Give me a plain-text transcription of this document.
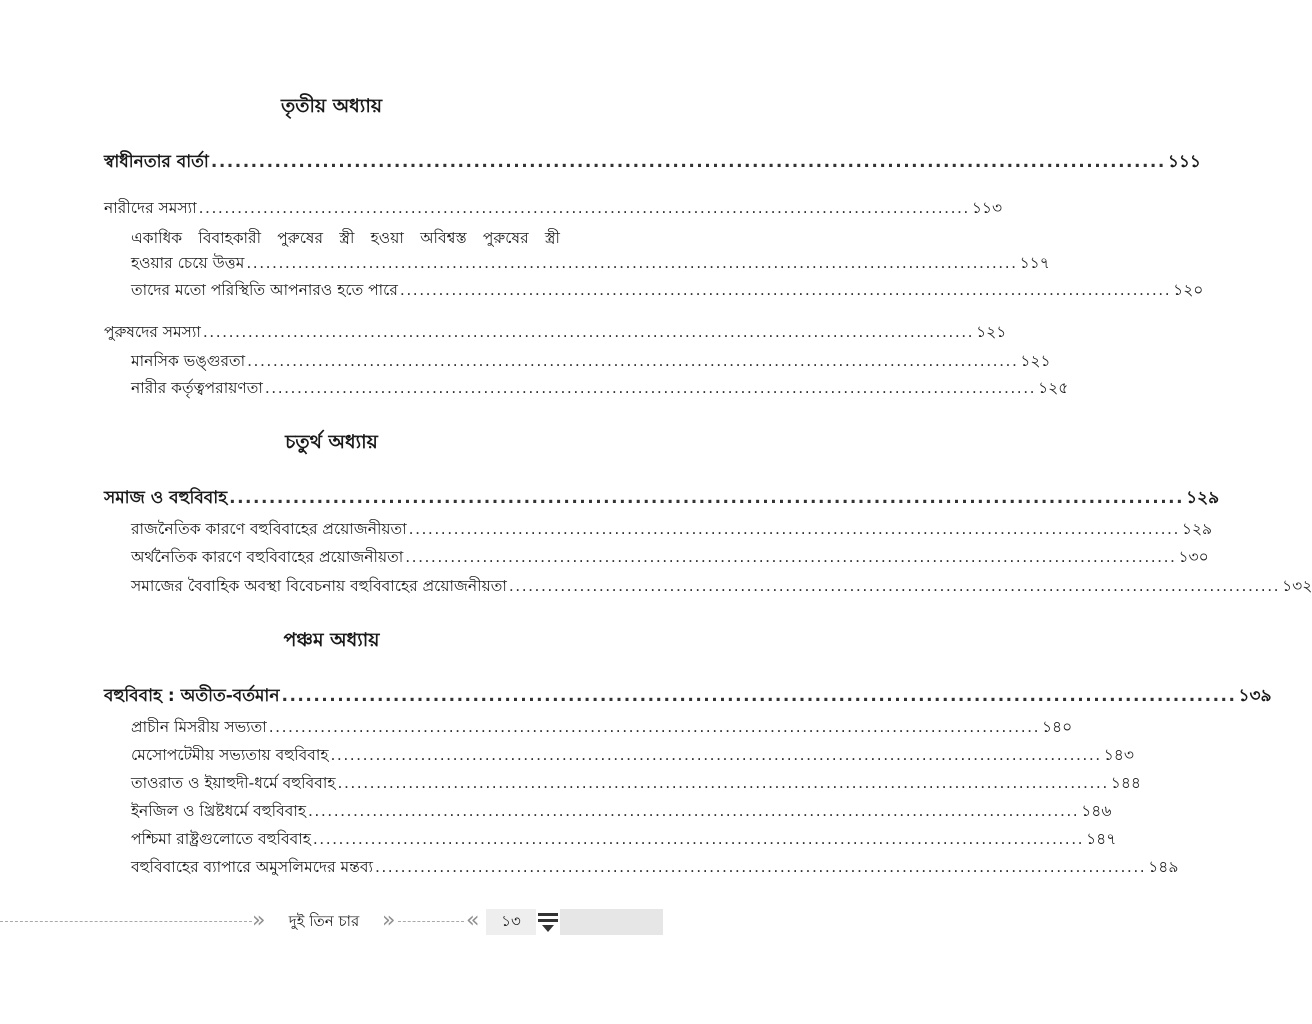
তৃতীয় অধ্যায়
স্বাধীনতার বার্তা ........................................................................................................................ ১১১
নারীদের সমস্যা ........................................................................................................................ ১১৩
একাধিক বিবাহকারী পুরুষের স্ত্রী হওয়া অবিশ্বস্ত পুরুষের স্ত্রী
হওয়ার চেয়ে উত্তম ........................................................................................................................ ১১৭
তাদের মতো পরিস্থিতি আপনারও হতে পারে ........................................................................................................................ ১২০
পুরুষদের সমস্যা ........................................................................................................................ ১২১
মানসিক ভঙ্গুরতা ........................................................................................................................ ১২১
নারীর কর্তৃত্বপরায়ণতা ........................................................................................................................ ১২৫
চতুর্থ অধ্যায়
সমাজ ও বহুবিবাহ ........................................................................................................................ ১২৯
রাজনৈতিক কারণে বহুবিবাহের প্রয়োজনীয়তা ........................................................................................................................ ১২৯
অর্থনৈতিক কারণে বহুবিবাহের প্রয়োজনীয়তা ........................................................................................................................ ১৩০
সমাজের বৈবাহিক অবস্থা বিবেচনায় বহুবিবাহের প্রয়োজনীয়তা ........................................................................................................................ ১৩২
পঞ্চম অধ্যায়
বহুবিবাহ : অতীত-বর্তমান ........................................................................................................................ ১৩৯
প্রাচীন মিসরীয় সভ্যতা ........................................................................................................................ ১৪০
মেসোপটেমীয় সভ্যতায় বহুবিবাহ ........................................................................................................................ ১৪৩
তাওরাত ও ইয়াহুদী-ধর্মে বহুবিবাহ ........................................................................................................................ ১৪৪
ইনজিল ও খ্রিষ্টধর্মে বহুবিবাহ ........................................................................................................................ ১৪৬
পশ্চিমা রাষ্ট্রগুলোতে বহুবিবাহ ........................................................................................................................ ১৪৭
বহুবিবাহের ব্যাপারে অমুসলিমদের মন্তব্য ........................................................................................................................ ১৪৯
»	দুই তিন চার	»	«	১৩
